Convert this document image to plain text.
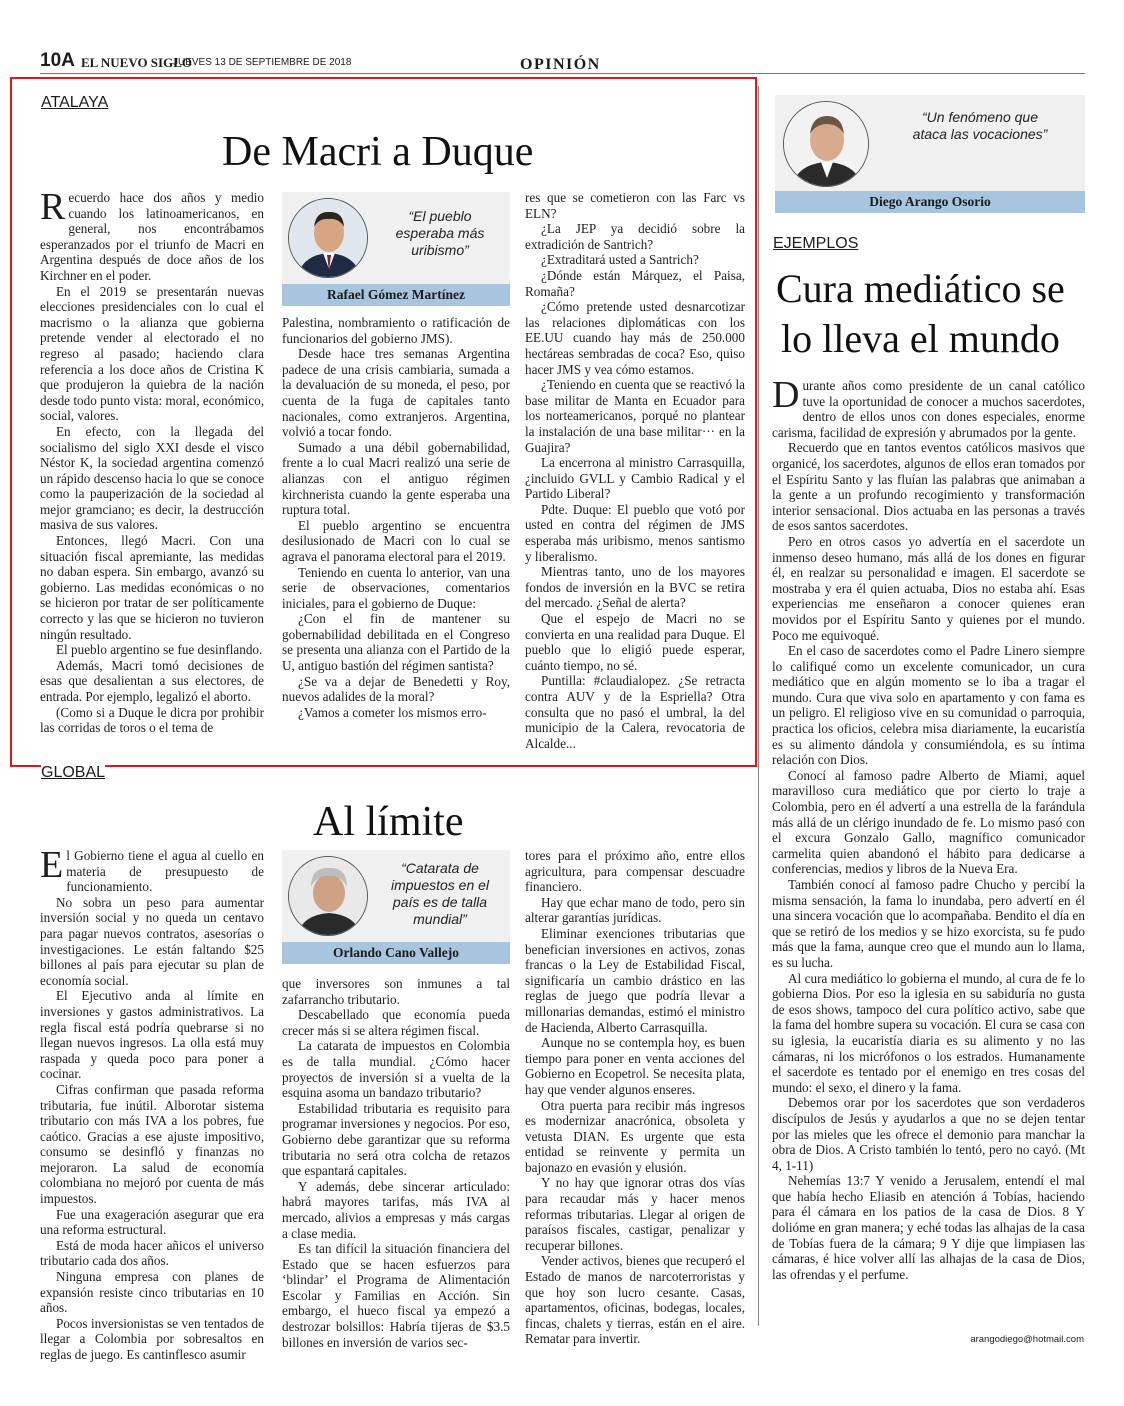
10A EL NUEVO SIGLO
JUEVES 13 DE SEPTIEMBRE DE 2018	OPINIÓN
ATALAYA
De Macri a Duque

Recuerdo hace dos años y medio cuando los latinoamericanos, en general, nos encontrábamos esperanzados por el triunfo de Macri en Argentina después de doce años de los Kirchner en el poder.

En el 2019 se presentarán nuevas elecciones presidenciales con lo cual el macrismo o la alianza que gobierna pretende vender al electorado el no regreso al pasado; haciendo clara referencia a los doce años de Cristina K que produjeron la quiebra de la nación desde todo punto vista: moral, económico, social, valores.

En efecto, con la llegada del socialismo del siglo XXI desde el visco Néstor K, la sociedad argentina comenzó un rápido descenso hacia lo que se conoce como la pauperización de la sociedad al mejor gramciano; es decir, la destrucción masiva de sus valores.

Entonces, llegó Macri. Con una situación fiscal apremiante, las medidas no daban espera. Sin embargo, avanzó su gobierno. Las medidas económicas o no se hicieron por tratar de ser políticamente correcto y las que se hicieron no tuvieron ningún resultado.

El pueblo argentino se fue desinflando.

Además, Macri tomó decisiones de esas que desalientan a sus electores, de entrada. Por ejemplo, legalizó el aborto.

(Como si a Duque le dicra por prohibir las corridas de toros o el tema de

“El pueblo esperaba más uribismo”
Rafael Gómez Martínez

Palestina, nombramiento o ratificación de funcionarios del gobierno JMS).

Desde hace tres semanas Argentina padece de una crisis cambiaria, sumada a la devaluación de su moneda, el peso, por cuenta de la fuga de capitales tanto nacionales, como extranjeros. Argentina, volvió a tocar fondo.

Sumado a una débil gobernabilidad, frente a lo cual Macri realizó una serie de alianzas con el antiguo régimen kirchnerista cuando la gente esperaba una ruptura total.

El pueblo argentino se encuentra desilusionado de Macri con lo cual se agrava el panorama electoral para el 2019.

Teniendo en cuenta lo anterior, van una serie de observaciones, comentarios iniciales, para el gobierno de Duque:

¿Con el fin de mantener su gobernabilidad debilitada en el Congreso se presenta una alianza con el Partido de la U, antiguo bastión del régimen santista?

¿Se va a dejar de Benedetti y Roy, nuevos adalides de la moral?

¿Vamos a cometer los mismos erro-

res que se cometieron con las Farc vs ELN?

¿La JEP ya decidió sobre la extradición de Santrich?

¿Extraditará usted a Santrich?

¿Dónde están Márquez, el Paisa, Romaña?

¿Cómo pretende usted desnarcotizar las relaciones diplomáticas con los EE.UU cuando hay más de 250.000 hectáreas sembradas de coca? Eso, quiso hacer JMS y vea cómo estamos.

¿Teniendo en cuenta que se reactivó la base militar de Manta en Ecuador para los norteamericanos, porqué no plantear la instalación de una base militar··· en la Guajira?

La encerrona al ministro Carrasquilla, ¿incluido GVLL y Cambio Radical y el Partido Liberal?

Pdte. Duque: El pueblo que votó por usted en contra del régimen de JMS esperaba más uribismo, menos santismo y liberalismo.

Mientras tanto, uno de los mayores fondos de inversión en la BVC se retira del mercado. ¿Señal de alerta?

Que el espejo de Macri no se convierta en una realidad para Duque. El pueblo que lo eligió puede esperar, cuánto tiempo, no sé.

Puntilla: #claudialopez. ¿Se retracta contra AUV y de la Espriella? Otra consulta que no pasó el umbral, la del municipio de la Calera, revocatoria de Alcalde...

GLOBAL
Al límite

El Gobierno tiene el agua al cuello en materia de presupuesto de funcionamiento.

No sobra un peso para aumentar inversión social y no queda un centavo para pagar nuevos contratos, asesorías o investigaciones. Le están faltando $25 billones al país para ejecutar su plan de economía social.

El Ejecutivo anda al límite en inversiones y gastos administrativos. La regla fiscal está podría quebrarse si no llegan nuevos ingresos. La olla está muy raspada y queda poco para poner a cocinar.

Cifras confirman que pasada reforma tributaria, fue inútil. Alborotar sistema tributario con más IVA a los pobres, fue caótico. Gracias a ese ajuste impositivo, consumo se desinfló y finanzas no mejoraron. La salud de economía colombiana no mejoró por cuenta de más impuestos.

Fue una exageración asegurar que era una reforma estructural.

Está de moda hacer añicos el universo tributario cada dos años.

Ninguna empresa con planes de expansión resiste cinco tributarias en 10 años.

Pocos inversionistas se ven tentados de llegar a Colombia por sobresaltos en reglas de juego. Es cantinflesco asumir

“Catarata de impuestos en el país es de talla mundial”
Orlando Cano Vallejo

que inversores son inmunes a tal zafarrancho tributario.

Descabellado que economía pueda crecer más si se altera régimen fiscal.

La catarata de impuestos en Colombia es de talla mundial. ¿Cómo hacer proyectos de inversión si a vuelta de la esquina asoma un bandazo tributario?

Estabilidad tributaria es requisito para programar inversiones y negocios. Por eso, Gobierno debe garantizar que su reforma tributaria no será otra colcha de retazos que espantará capitales.

Y además, debe sincerar articulado: habrá mayores tarifas, más IVA al mercado, alivios a empresas y más cargas a clase media.

Es tan difícil la situación financiera del Estado que se hacen esfuerzos para ‘blindar’ el Programa de Alimentación Escolar y Familias en Acción. Sin embargo, el hueco fiscal ya empezó a destrozar bolsillos: Habría tijeras de $3.5 billones en inversión de varios sec-

tores para el próximo año, entre ellos agricultura, para compensar descuadre financiero.

Hay que echar mano de todo, pero sin alterar garantías jurídicas.

Eliminar exenciones tributarias que benefician inversiones en activos, zonas francas o la Ley de Estabilidad Fiscal, significaría un cambio drástico en las reglas de juego que podría llevar a millonarias demandas, estimó el ministro de Hacienda, Alberto Carrasquilla.

Aunque no se contempla hoy, es buen tiempo para poner en venta acciones del Gobierno en Ecopetrol. Se necesita plata, hay que vender algunos enseres.

Otra puerta para recibir más ingresos es modernizar anacrónica, obsoleta y vetusta DIAN. Es urgente que esta entidad se reinvente y permita un bajonazo en evasión y elusión.

Y no hay que ignorar otras dos vías para recaudar más y hacer menos reformas tributarias. Llegar al origen de paraísos fiscales, castigar, penalizar y recuperar billones.

Vender activos, bienes que recuperó el Estado de manos de narcoterroristas y que hoy son lucro cesante. Casas, apartamentos, oficinas, bodegas, locales, fincas, chalets y tierras, están en el aire. Rematar para invertir.

“Un fenómeno que ataca las vocaciones”
Diego Arango Osorio
EJEMPLOS
Cura mediático se
lo lleva el mundo

Durante años como presidente de un canal católico tuve la oportunidad de conocer a muchos sacerdotes, dentro de ellos unos con dones especiales, enorme carisma, facilidad de expresión y abrumados por la gente.

Recuerdo que en tantos eventos católicos masivos que organicé, los sacerdotes, algunos de ellos eran tomados por el Espíritu Santo y las fluían las palabras que animaban a la gente a un profundo recogimiento y transformación interior sensacional. Dios actuaba en las personas a través de esos santos sacerdotes.

Pero en otros casos yo advertía en el sacerdote un inmenso deseo humano, más allá de los dones en figurar él, en realzar su personalidad e imagen. El sacerdote se mostraba y era él quien actuaba, Dios no estaba ahí. Esas experiencias me enseñaron a conocer quienes eran movidos por el Espíritu Santo y quienes por el mundo. Poco me equivoqué.

En el caso de sacerdotes como el Padre Linero siempre lo califiqué como un excelente comunicador, un cura mediático que en algún momento se lo iba a tragar el mundo. Cura que viva solo en apartamento y con fama es un peligro. El religioso vive en su comunidad o parroquia, practica los oficios, celebra misa diariamente, la eucaristía es su alimento dándola y consumiéndola, es su íntima relación con Dios.

Conocí al famoso padre Alberto de Miami, aquel maravilloso cura mediático que por cierto lo traje a Colombia, pero en él advertí a una estrella de la farándula más allá de un clérigo inundado de fe. Lo mismo pasó con el excura Gonzalo Gallo, magnífico comunicador carmelita quien abandonó el hábito para dedicarse a conferencias, medios y libros de la Nueva Era.

También conocí al famoso padre Chucho y percibí la misma sensación, la fama lo inundaba, pero advertí en él una sincera vocación que lo acompañaba. Bendito el día en que se retiró de los medios y se hizo exorcista, su fe pudo más que la fama, aunque creo que el mundo aun lo llama, es su lucha.

Al cura mediático lo gobierna el mundo, al cura de fe lo gobierna Dios. Por eso la iglesia en su sabiduría no gusta de esos shows, tampoco del cura político activo, sabe que la fama del hombre supera su vocación. El cura se casa con su iglesia, la eucaristía diaria es su alimento y no las cámaras, ni los micrófonos o los estrados. Humanamente el sacerdote es tentado por el enemigo en tres cosas del mundo: el sexo, el dinero y la fama.

Debemos orar por los sacerdotes que son verdaderos discípulos de Jesús y ayudarlos a que no se dejen tentar por las mieles que les ofrece el demonio para manchar la obra de Dios. A Cristo también lo tentó, pero no cayó. (Mt 4, 1-11)

Nehemías 13:7 Y venido a Jerusalem, entendí el mal que había hecho Eliasib en atención á Tobías, haciendo para él cámara en los patios de la casa de Dios. 8 Y dolióme en gran manera; y eché todas las alhajas de la casa de Tobías fuera de la cámara; 9 Y dije que limpiasen las cámaras, é hice volver allí las alhajas de la casa de Dios, las ofrendas y el perfume.

arangodiego@hotmail.com
